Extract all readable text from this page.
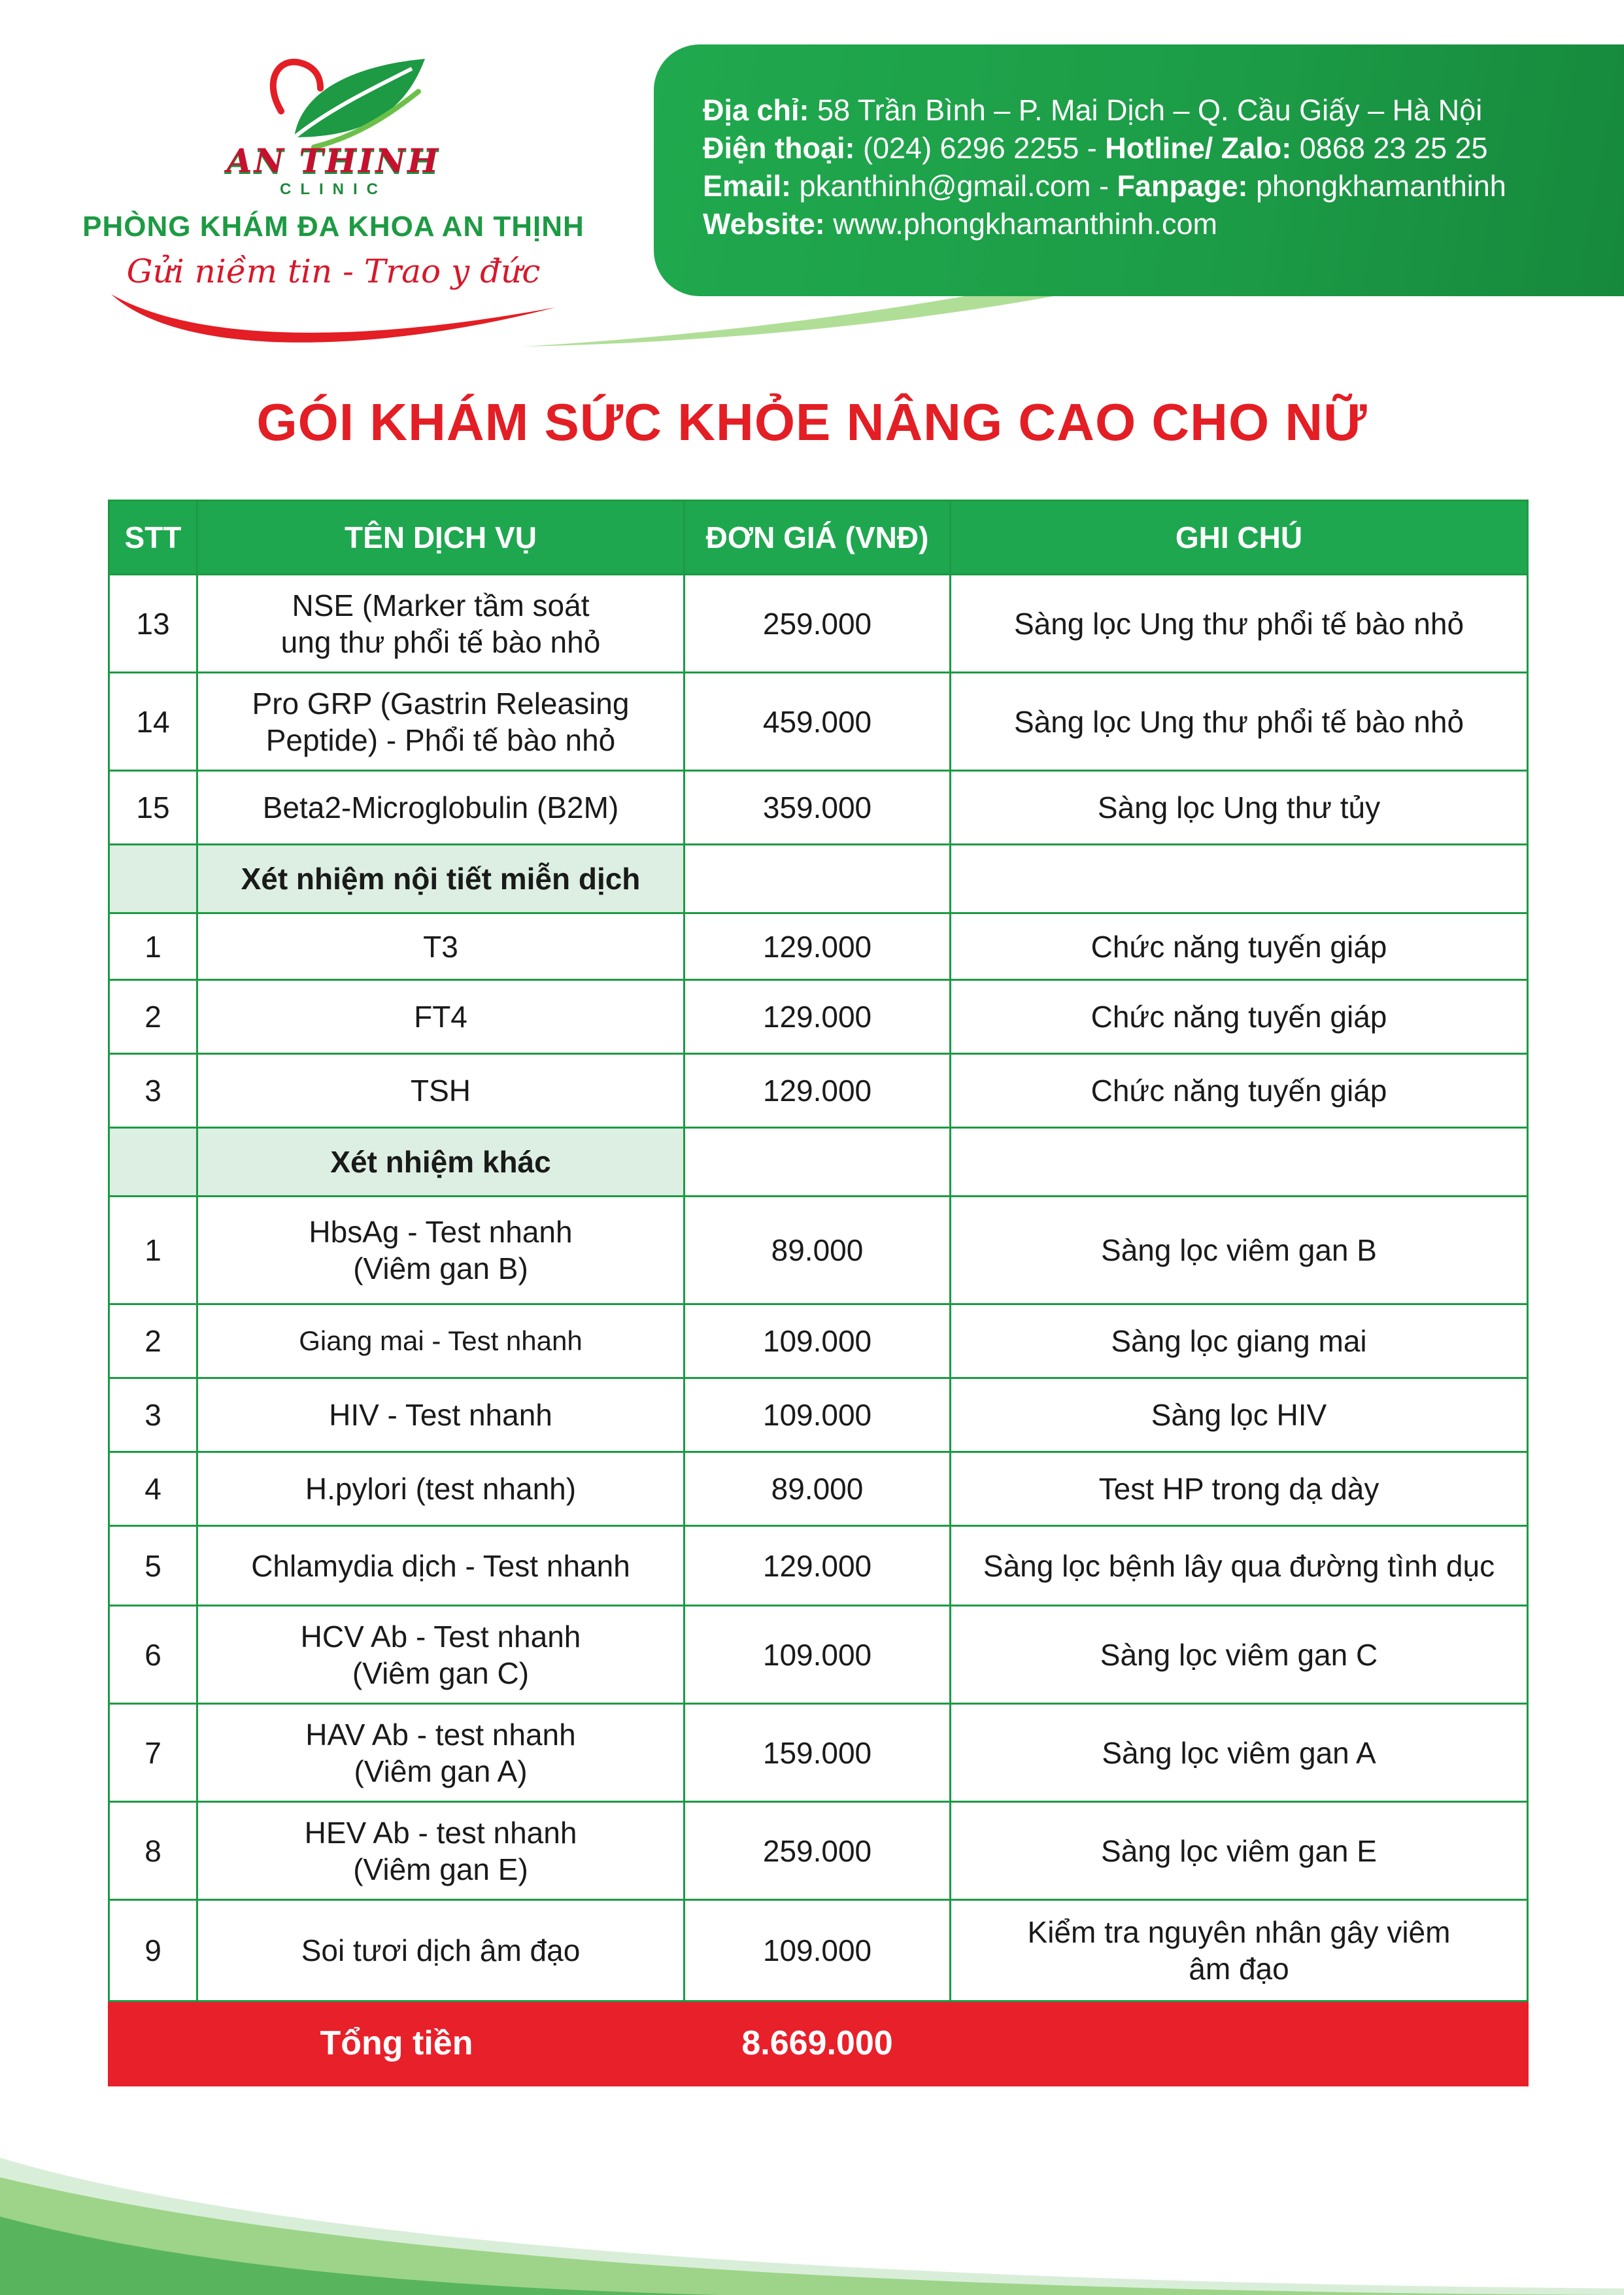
AN THINH
CLINIC
PHÒNG KHÁM ĐA KHOA AN THỊNH
Gửi niềm tin - Trao y đức
Địa chỉ: 58 Trần Bình – P. Mai Dịch – Q. Cầu Giấy – Hà Nội
Điện thoại: (024) 6296 2255 - Hotline/ Zalo: 0868 23 25 25
Email: pkanthinh@gmail.com - Fanpage: phongkhamanthinh
Website: www.phongkhamanthinh.com
GÓI KHÁM SỨC KHỎE NÂNG CAO CHO NỮ
STT	TÊN DỊCH VỤ	ĐƠN GIÁ (VNĐ)	GHI CHÚ
13	NSE (Marker tầm soát
ung thư phổi tế bào nhỏ	259.000	Sàng lọc Ung thư phổi tế bào nhỏ
14	Pro GRP (Gastrin Releasing
Peptide) - Phổi tế bào nhỏ	459.000	Sàng lọc Ung thư phổi tế bào nhỏ
15	Beta2-Microglobulin (B2M)	359.000	Sàng lọc Ung thư tủy
	Xét nhiệm nội tiết miễn dịch		
1	T3	129.000	Chức năng tuyến giáp
2	FT4	129.000	Chức năng tuyến giáp
3	TSH	129.000	Chức năng tuyến giáp
	Xét nhiệm khác		
1	HbsAg - Test nhanh
(Viêm gan B)	89.000	Sàng lọc viêm gan B
2	Giang mai - Test nhanh	109.000	Sàng lọc giang mai
3	HIV - Test nhanh	109.000	Sàng lọc HIV
4	H.pylori (test nhanh)	89.000	Test HP trong dạ dày
5	Chlamydia dịch - Test nhanh	129.000	Sàng lọc bệnh lây qua đường tình dục
6	HCV Ab - Test nhanh
(Viêm gan C)	109.000	Sàng lọc viêm gan C
7	HAV Ab - test nhanh
(Viêm gan A)	159.000	Sàng lọc viêm gan A
8	HEV Ab - test nhanh
(Viêm gan E)	259.000	Sàng lọc viêm gan E
9	Soi tươi dịch âm đạo	109.000	Kiểm tra nguyên nhân gây viêm
âm đạo

Tổng tiền		8.669.000	
